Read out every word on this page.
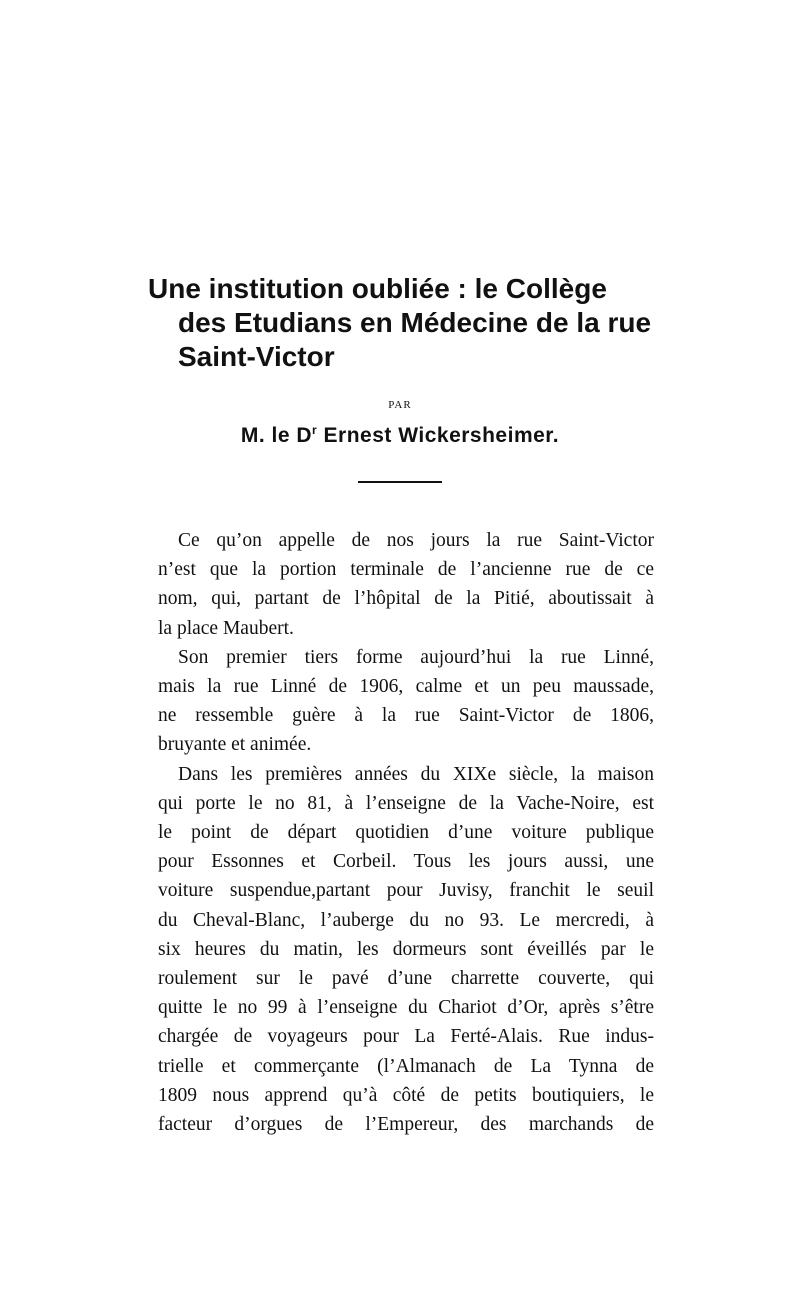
Une institution oubliée : le Collège
des Etudians en Médecine de la rue
Saint-Victor
PAR
M. le $D^r$ Ernest Wickersheimer.
Ce qu’on appelle de nos jours la rue Saint-Victor
n’est que la portion terminale de l’ancienne rue de ce
nom, qui, partant de l’hôpital de la Pitié, aboutissait à
la place Maubert.
Son premier tiers forme aujourd’hui la rue Linné,
mais la rue Linné de 1906, calme et un peu maussade,
ne ressemble guère à la rue Saint-Victor de 1806,
bruyante et animée.
Dans les premières années du XIXe siècle, la maison
qui porte le no 81, à l’enseigne de la Vache-Noire, est
le point de départ quotidien d’une voiture publique
pour Essonnes et Corbeil. Tous les jours aussi, une
voiture suspendue,partant pour Juvisy, franchit le seuil
du Cheval-Blanc, l’auberge du no 93. Le mercredi, à
six heures du matin, les dormeurs sont éveillés par le
roulement sur le pavé d’une charrette couverte, qui
quitte le no 99 à l’enseigne du Chariot d’Or, après s’être
chargée de voyageurs pour La Ferté-Alais. Rue indus-
trielle et commerçante (l’Almanach de La Tynna de
1809 nous apprend qu’à côté de petits boutiquiers, le
facteur d’orgues de l’Empereur, des marchands de
